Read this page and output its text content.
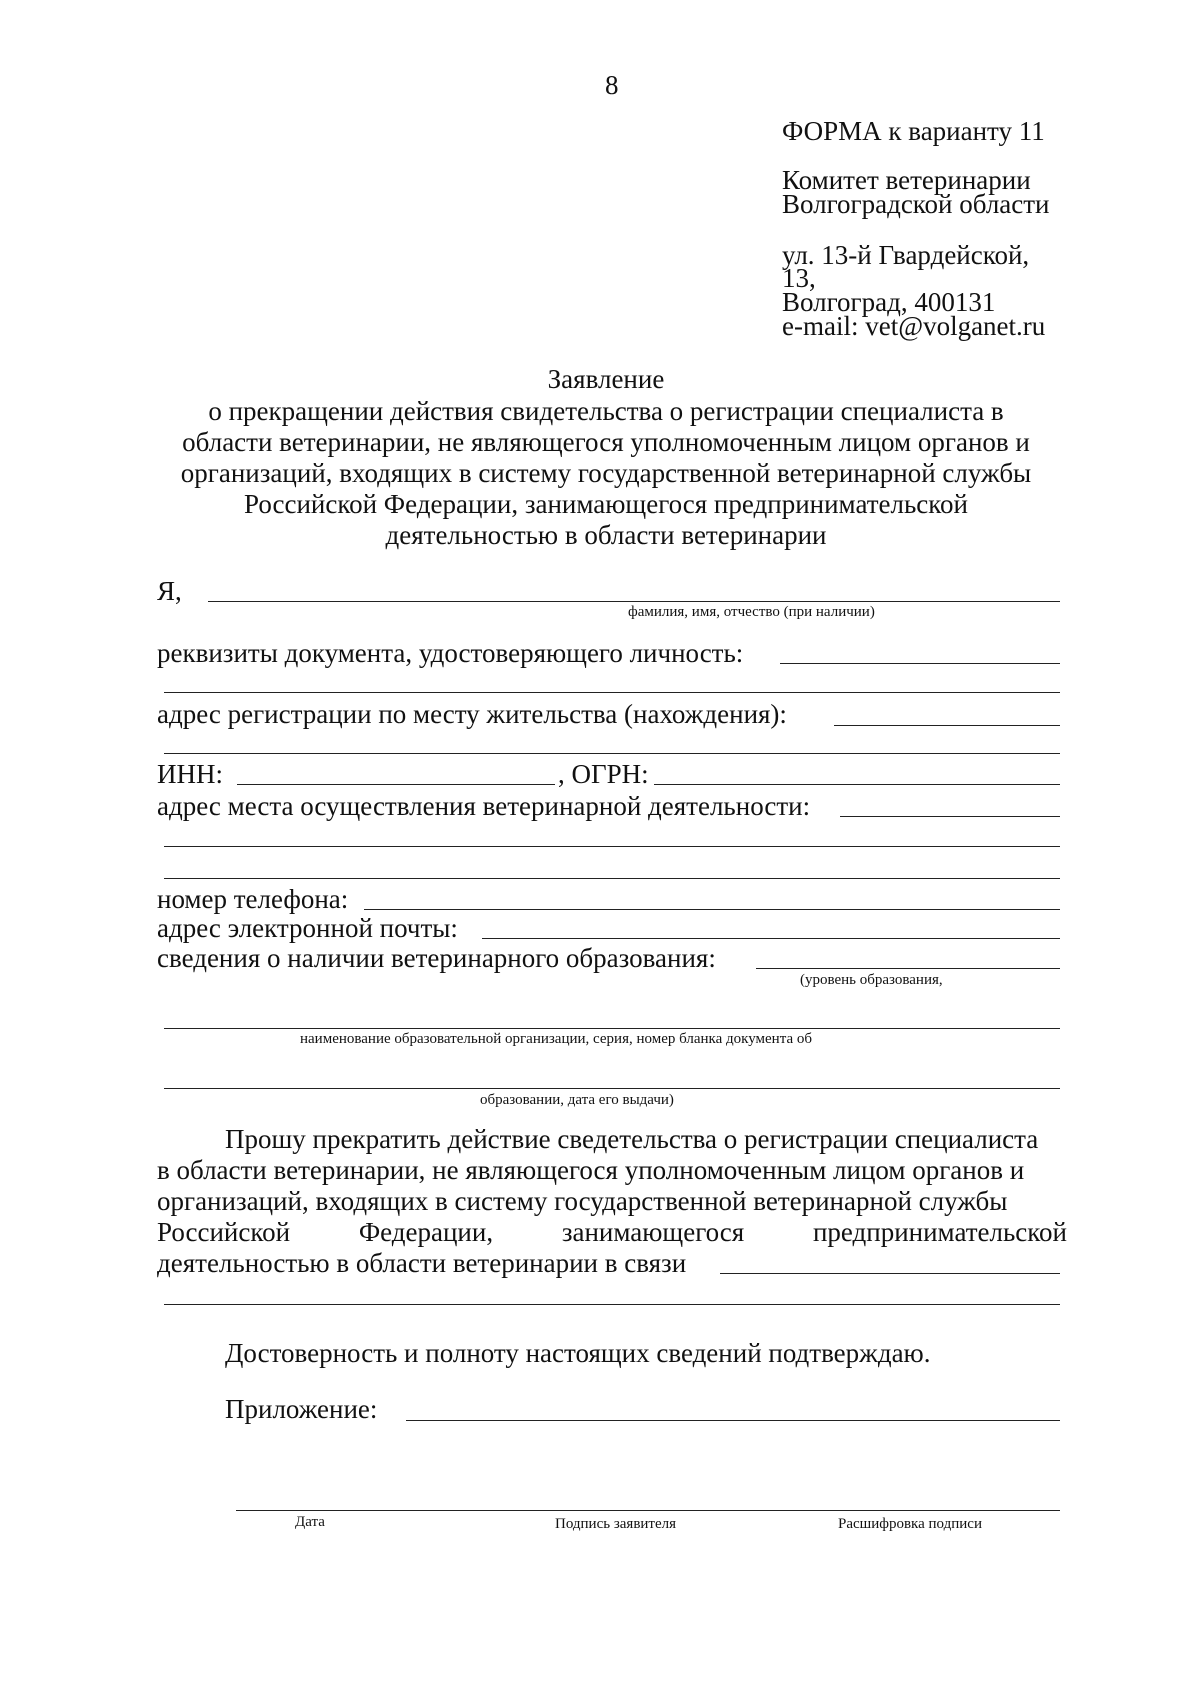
8
ФОРМА к варианту 11
Комитет ветеринарии
Волгоградской области
ул. 13-й Гвардейской,
13,
Волгоград, 400131
e-mail: vet@volganet.ru
Заявление
о прекращении действия свидетельства о регистрации специалиста в
области ветеринарии, не являющегося уполномоченным лицом органов и
организаций, входящих в систему государственной ветеринарной службы
Российской Федерации, занимающегося предпринимательской
деятельностью в области ветеринарии
Я,
фамилия, имя, отчество (при наличии)
реквизиты документа, удостоверяющего личность:
адрес регистрации по месту жительства (нахождения):
ИНН:	, ОГРН:
адрес места осуществления ветеринарной деятельности:
номер телефона:
адрес электронной почты:
сведения о наличии ветеринарного образования:
(уровень образования,
наименование образовательной организации, серия, номер бланка документа об
образовании, дата его выдачи)
Прошу прекратить действие сведетельства о регистрации специалиста
в области ветеринарии, не являющегося уполномоченным лицом органов и
организаций, входящих в систему государственной ветеринарной службы
Российской	Федерации,	занимающегося	предпринимательской
деятельностью в области ветеринарии в связи
Достоверность и полноту настоящих сведений подтверждаю.
Приложение:
Дата	Подпись заявителя	Расшифровка подписи
